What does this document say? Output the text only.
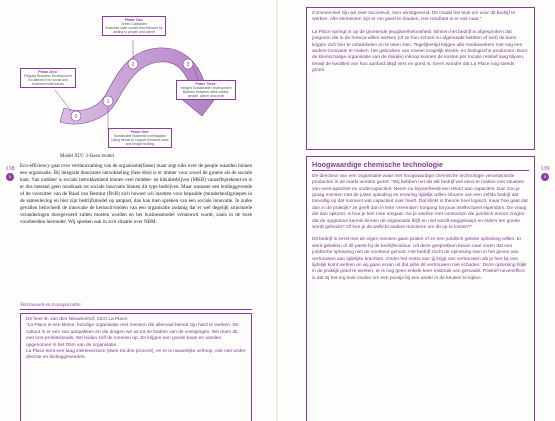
0
1
2	3
Phase Two:
Green Capitalism
Business case comes first followed by
adding to people and planet
Phase Zero:
Regular Business Development
No attention for social and
environmental issues	Phase Three:
Integral Sustainable Development
Balance between value added,
people, planet and profit
Phase One:
Sustainable Business Investigation
Using trends to support business case
and image building
Model XIV: 3-fasen model
138
5

Eco-efficiency gaat over verduurzaming van de organisatie(fasen) maar zegt niks over de people waarden binnen een organisatie. Bij integrale duurzame ontwikkeling (fase drie) is er immer voor zowel de groene als de sociale kant. Van oudsher is sociale betrokkenheid binnen veel midden- en kleinbedrijven (MKB) vanzelfsprekend en is er dus meestal geen noodzaak tot sociale innovatie binnen dit type bedrijven. Maar wanneer een leidinggevende of de voorzitter van de Raad van Bestuur (RvB) zich bewust wil inzetten voor bepaalde (minderheid)groepen in de samenleving en hier zijn bedrijfsmodel op aanpast, dan kan men spreken van een sociale innovatie. In zulke gevallen beïnvloedt de innovatie de kernactiviteiten van een organisatie zodanig dat er wel degelijk structurele veranderingen doorgevoerd zullen moeten worden en het businessmodel vernieuwd wordt, zoals in de twee voorbeelden hieronder. Wij spreken ook in zo'n situatie over NBM.

Vertrouwen en transparantie

De heer B. van den Nieuwenhof, CEO La Place:

"La Place is een kleine, bondige organisatie met mensen die allemaal bereid zijn hard te werken. De cultuur is er een van aanpakken en die dragen we uit tot de bodem van de vestigingen. We doen dit met non-professionals. We leiden zelf de mensen op. Ze krijgen een goede baan en worden opgenomen in het DNA van de organisatie.
La Place kent een laag ziekteverzuim (twee tot drie procent), en er is nauwelijks verloop, ook niet onder directie en leidinggevenden.

139
5

Commercieel zijn we zeer succesvol, zeer winstgevend. Dit maakt het leuk om voor dit bedrijf te werken. Alle elementen zijn er om goed te draaien. Het resultaat is er ook naar."

La Place springt in op de groeiende jeugdwerkeloosheid. Binnen het bedrijf is afgesproken dat jongeren die in de horeca willen werken (of ze hun school nu afgemaakt hebben of niet) de kans krijgen zich hier te ontwikkelen en te laten zien. Tegelijkertijd krijgen alle medewerkers met nog een andere innovatie te maken: het gebruiken van zoveel mogelijk streek- en biologische producten. Door de kleinschalige organisatie van de (lokale) inkoop kunnen de kosten per locatie relatief laag blijven, terwijl de kwaliteit van hun aanbod altijd vers en goed is. Geen wonder dat La Place nog steeds groeit.

Hoogwaardige chemische technologie

De directeur van een organisatie waar met hoogwaardige chemische technologie verantwoorde producten in de markt worden gezet: "Wij hebben net als elk bedrijf wel eens te maken met situaties van overcapaciteit en ondercapaciteit. Neem nu bijvoorbeeld een tekort aan capaciteit. Dan zou je graag mensen met de juiste opleiding en ervaring tijdelijk willen inhuren van een zelfde bedrijf dat toevallig op dat moment wat capaciteit over heeft. Dat klinkt in theorie heel logisch, maar hoe gaat dat dan in de praktijk? Je geeft dan in feite 'vreemden' toegang tot jouw intellectueel eigendom. De vraag die dan opkomt, is hoe je hier mee omgaat. Ga je werken met contracten die juridisch ervoor zorgen dat de opgedane kennis binnen de organisatie blijft en niet wordt weggekaapt en elders ten goede wordt gebruikt? Of kun je dit wellicht andere manieren om dit op te lossen?"

Dit bedrijf is eerst met de eigen mensen gaan praten of ze een juridisch getinte oplossing willen. Er werd gekeken of dit paste bij de bedrijfscultuur. Uit deze gesprekken kwam naar voren dat een juridische oplossing niet de voorkeur genoot. Het bedrijf zocht de oplossing toen in het geven van vertrouwen aan tijdelijke krachten. Onder het motto van 'jij krijgt ons vertrouwen als je hier bij ons tijdelijk komt werken en wij gaan ervan uit dat jullie dit vertrouwen niet schaden.' Deze oplossing blijkt in de praktijk goed te werken, er is nog geen enkele keer misbruik van gemaakt. Positief neveneffect is dat zij het erg leuk vinden om een poosje bij een ander in de keuken te kijken.
